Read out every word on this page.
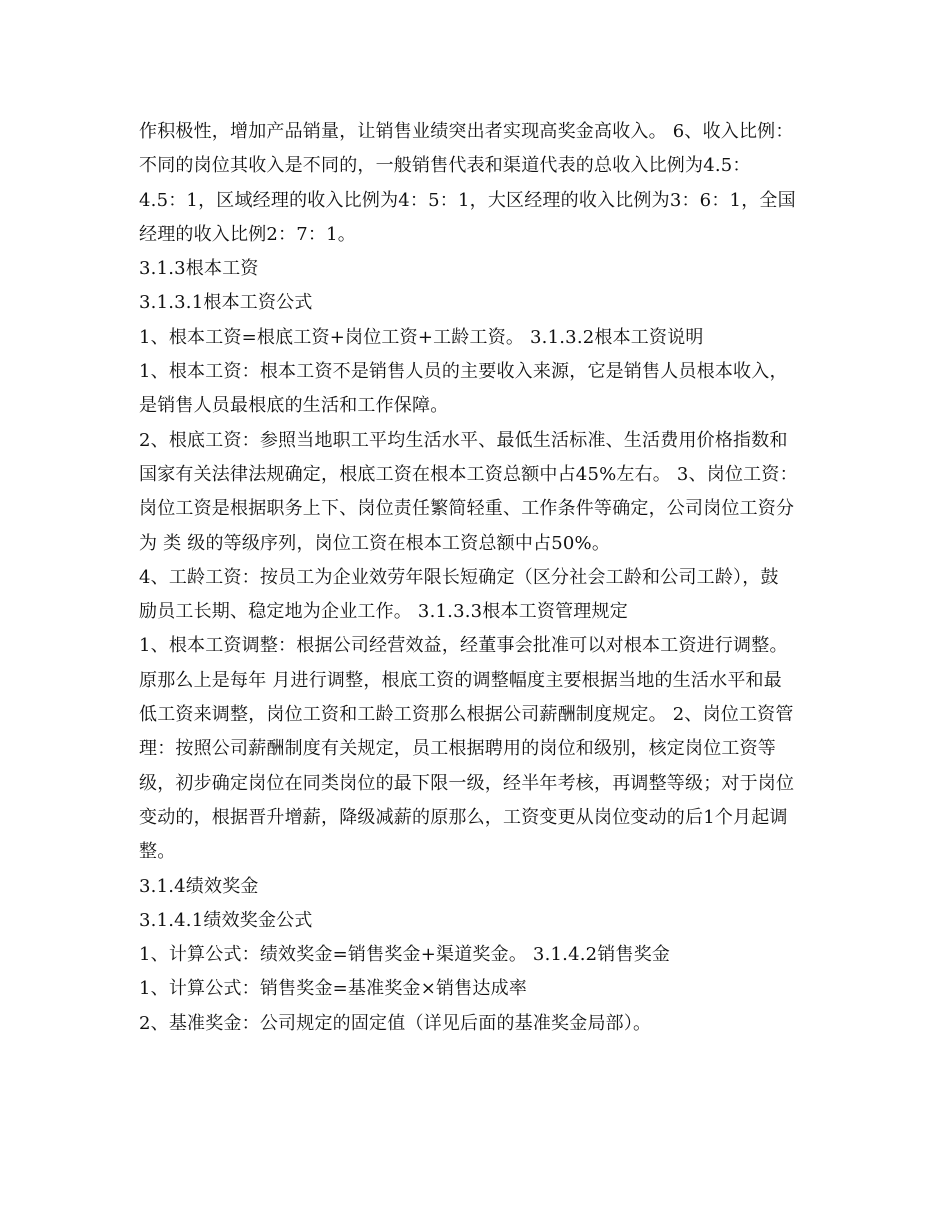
作积极性，增加产品销量，让销售业绩突出者实现高奖金高收入。 6、收入比例：
不同的岗位其收入是不同的，一般销售代表和渠道代表的总收入比例为4.5：
4.5：1，区域经理的收入比例为4：5：1，大区经理的收入比例为3：6：1，全国
经理的收入比例2：7：1。
3.1.3根本工资
3.1.3.1根本工资公式
1、根本工资=根底工资+岗位工资+工龄工资。 3.1.3.2根本工资说明
1、根本工资：根本工资不是销售人员的主要收入来源，它是销售人员根本收入，
是销售人员最根底的生活和工作保障。
2、根底工资：参照当地职工平均生活水平、最低生活标准、生活费用价格指数和
国家有关法律法规确定，根底工资在根本工资总额中占45%左右。 3、岗位工资：
岗位工资是根据职务上下、岗位责任繁简轻重、工作条件等确定，公司岗位工资分
为 类 级的等级序列，岗位工资在根本工资总额中占50%。
4、工龄工资：按员工为企业效劳年限长短确定（区分社会工龄和公司工龄），鼓
励员工长期、稳定地为企业工作。 3.1.3.3根本工资管理规定
1、根本工资调整：根据公司经营效益，经董事会批准可以对根本工资进行调整。
原那么上是每年 月进行调整，根底工资的调整幅度主要根据当地的生活水平和最
低工资来调整，岗位工资和工龄工资那么根据公司薪酬制度规定。 2、岗位工资管
理：按照公司薪酬制度有关规定，员工根据聘用的岗位和级别，核定岗位工资等
级，初步确定岗位在同类岗位的最下限一级，经半年考核，再调整等级；对于岗位
变动的，根据晋升增薪，降级减薪的原那么，工资变更从岗位变动的后1个月起调
整。
3.1.4绩效奖金
3.1.4.1绩效奖金公式
1、计算公式：绩效奖金=销售奖金+渠道奖金。 3.1.4.2销售奖金
1、计算公式：销售奖金=基准奖金×销售达成率
2、基准奖金：公司规定的固定值（详见后面的基准奖金局部）。
